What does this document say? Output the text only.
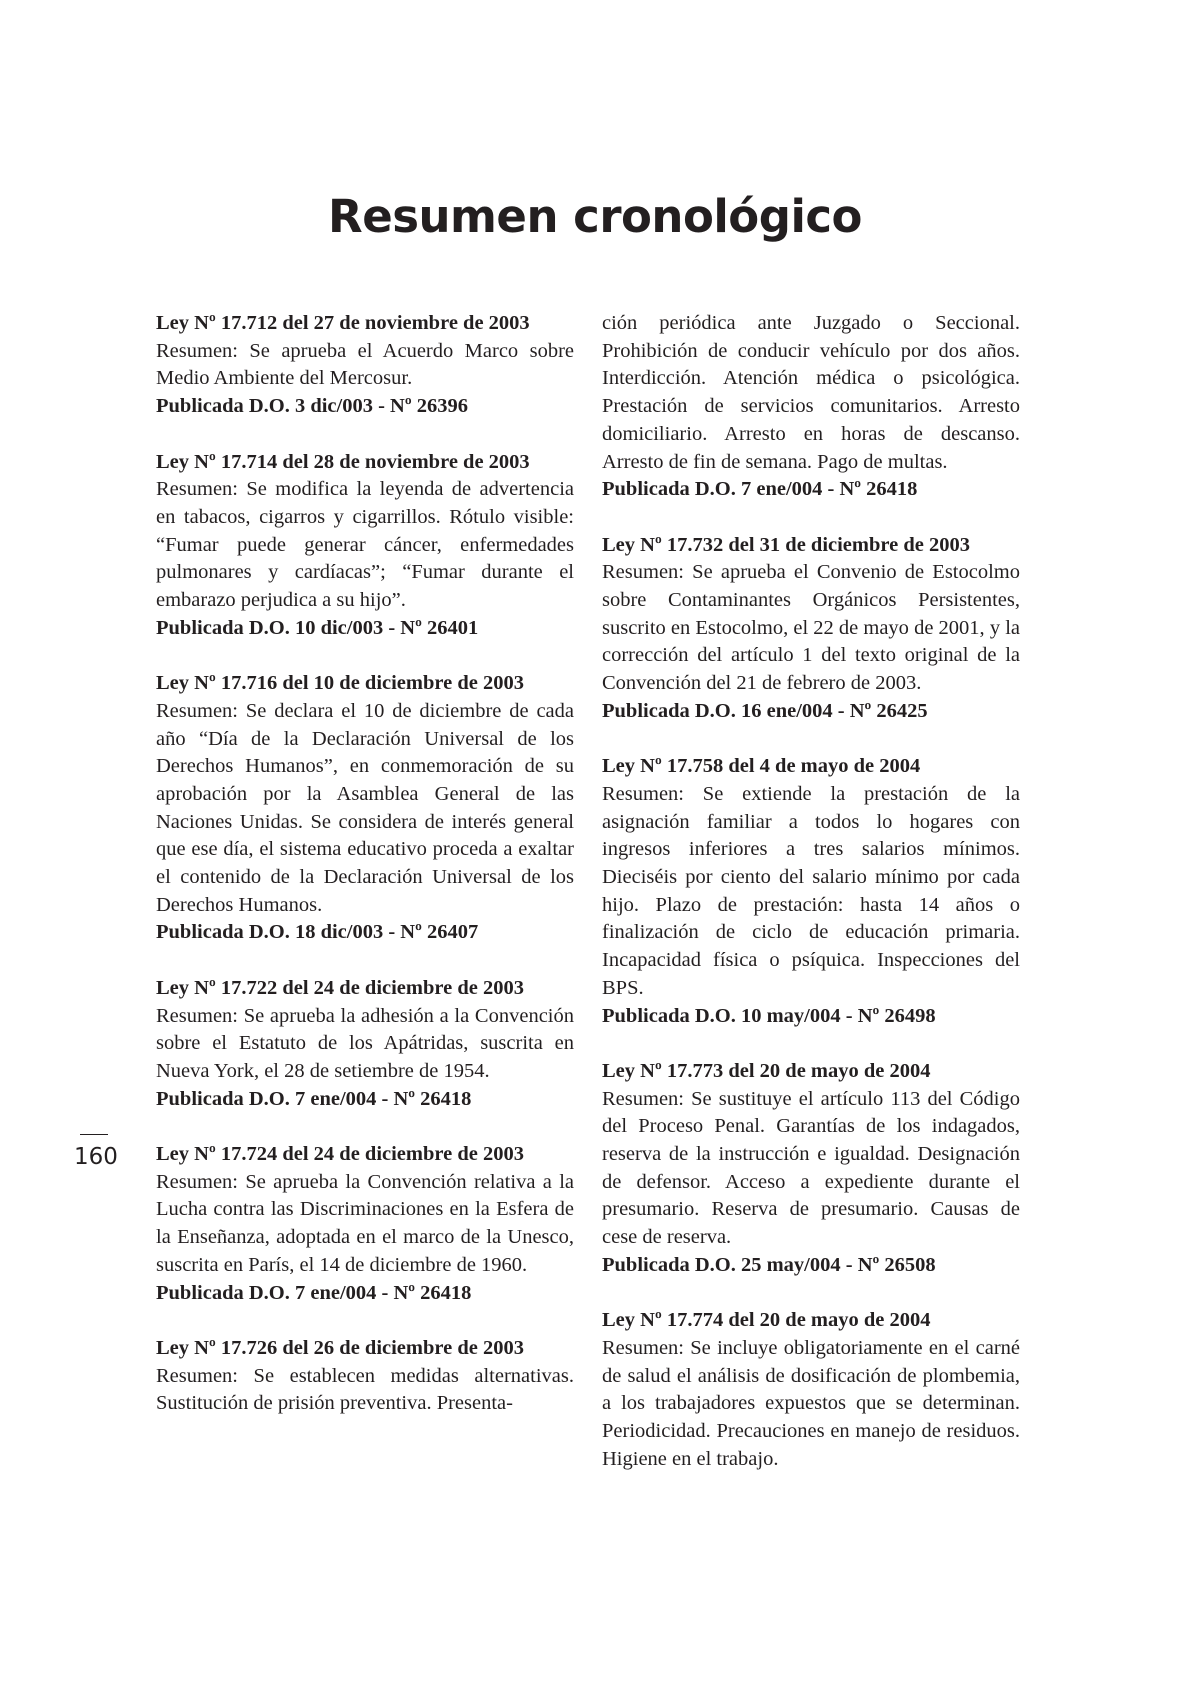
Resumen cronológico

Ley Nº 17.712 del 27 de noviembre de 2003

Resumen: Se aprueba el Acuerdo Marco sobre Medio Ambiente del Mercosur.

Publicada D.O. 3 dic/003 - Nº 26396

Ley Nº 17.714 del 28 de noviembre de 2003

Resumen: Se modifica la leyenda de advertencia en tabacos, cigarros y cigarrillos. Rótulo visible: “Fumar puede generar cáncer, enfermedades pulmonares y cardíacas”; “Fumar durante el embarazo perjudica a su hijo”.

Publicada D.O. 10 dic/003 - Nº 26401

Ley Nº 17.716 del 10 de diciembre de 2003

Resumen: Se declara el 10 de diciembre de cada año “Día de la Declaración Universal de los Derechos Humanos”, en conmemoración de su aprobación por la Asamblea General de las Naciones Unidas. Se considera de interés general que ese día, el sistema educativo proceda a exaltar el contenido de la Declaración Universal de los Derechos Humanos.

Publicada D.O. 18 dic/003 - Nº 26407

Ley Nº 17.722 del 24 de diciembre de 2003

Resumen: Se aprueba la adhesión a la Convención sobre el Estatuto de los Apátridas, suscrita en Nueva York, el 28 de setiembre de 1954.

Publicada D.O. 7 ene/004 - Nº 26418

Ley Nº 17.724 del 24 de diciembre de 2003

Resumen: Se aprueba la Convención relativa a la Lucha contra las Discriminaciones en la Esfera de la Enseñanza, adoptada en el marco de la Unesco, suscrita en París, el 14 de diciembre de 1960.

Publicada D.O. 7 ene/004 - Nº 26418

Ley Nº 17.726 del 26 de diciembre de 2003

Resumen: Se establecen medidas alternativas. Sustitución de prisión preventiva. Presenta-

ción periódica ante Juzgado o Seccional. Prohibición de conducir vehículo por dos años. Interdicción. Atención médica o psicológica. Prestación de servicios comunitarios. Arresto domiciliario. Arresto en horas de descanso. Arresto de fin de semana. Pago de multas.

Publicada D.O. 7 ene/004 - Nº 26418

Ley Nº 17.732 del 31 de diciembre de 2003

Resumen: Se aprueba el Convenio de Estocolmo sobre Contaminantes Orgánicos Persistentes, suscrito en Estocolmo, el 22 de mayo de 2001, y la corrección del artículo 1 del texto original de la Convención del 21 de febrero de 2003.

Publicada D.O. 16 ene/004 - Nº 26425

Ley Nº 17.758 del 4 de mayo de 2004

Resumen: Se extiende la prestación de la asignación familiar a todos lo hogares con ingresos inferiores a tres salarios mínimos. Dieciséis por ciento del salario mínimo por cada hijo. Plazo de prestación: hasta 14 años o finalización de ciclo de educación primaria. Incapacidad física o psíquica. Inspecciones del BPS.

Publicada D.O. 10 may/004 - Nº 26498

Ley Nº 17.773 del 20 de mayo de 2004

Resumen: Se sustituye el artículo 113 del Código del Proceso Penal. Garantías de los indagados, reserva de la instrucción e igualdad. Designación de defensor. Acceso a expediente durante el presumario. Reserva de presumario. Causas de cese de reserva.

Publicada D.O. 25 may/004 - Nº 26508

Ley Nº 17.774 del 20 de mayo de 2004

Resumen: Se incluye obligatoriamente en el carné de salud el análisis de dosificación de plombemia, a los trabajadores expuestos que se determinan. Periodicidad. Precauciones en manejo de residuos. Higiene en el trabajo.

160
